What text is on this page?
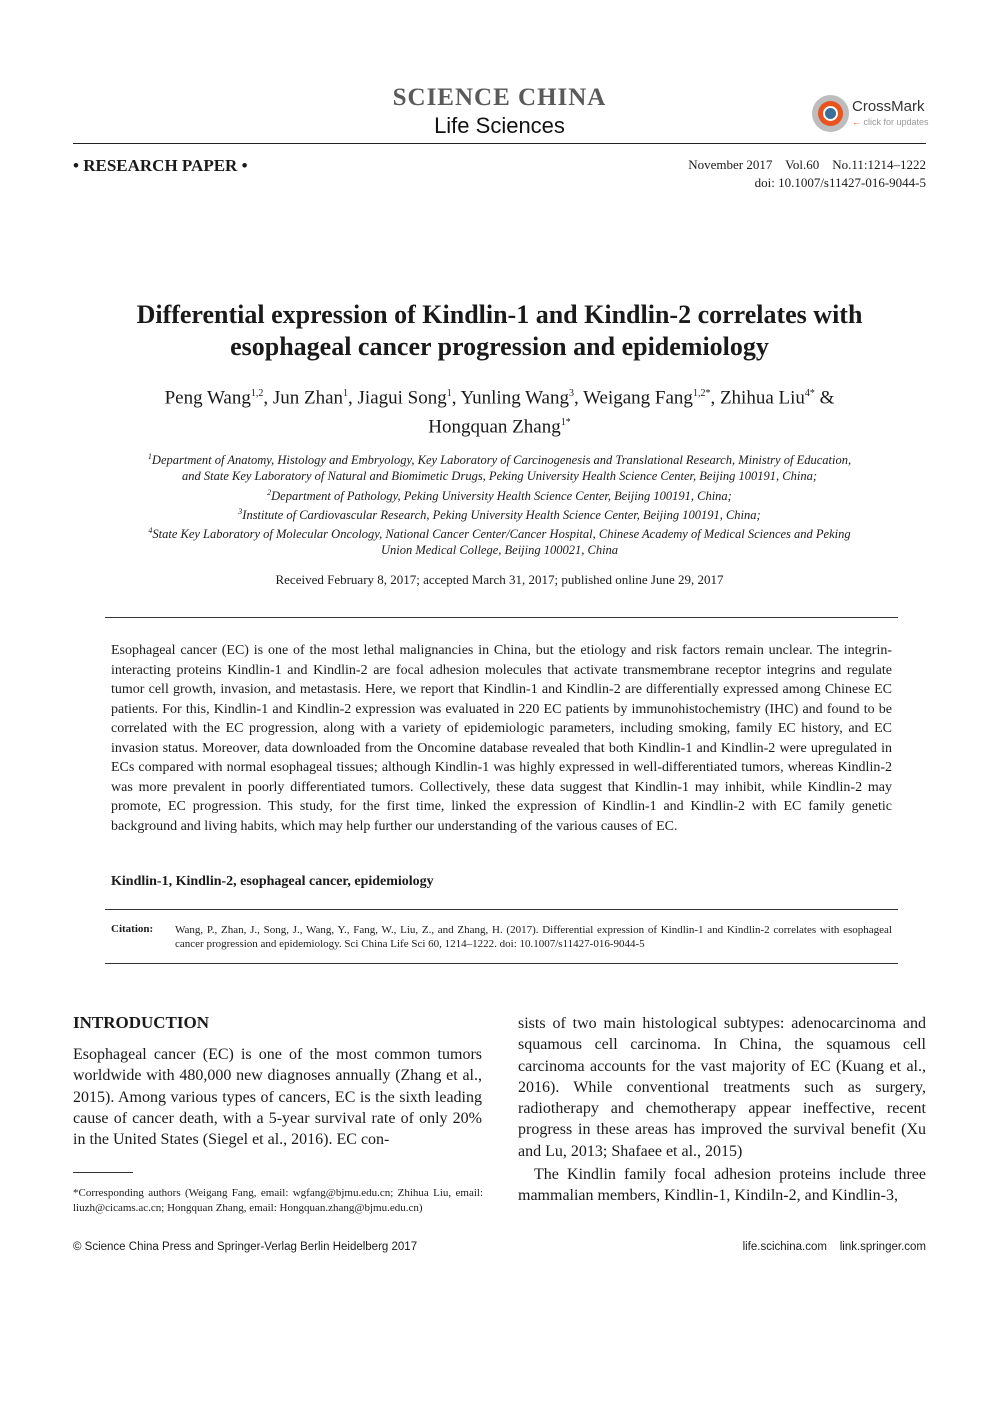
SCIENCE CHINA
Life Sciences
CrossMark
← click for updates
• RESEARCH PAPER •	November 2017    Vol.60    No.11:1214–1222
doi: 10.1007/s11427-016-9044-5
Differential expression of Kindlin-1 and Kindlin-2 correlates with
esophageal cancer progression and epidemiology
Peng Wang$^{1,2}$, Jun Zhan$^1$, Jiagui Song$^1$, Yunling Wang$^3$, Weigang Fang$^{1,2*}$, Zhihua Liu$^{4*}$ &
Hongquan Zhang$^{1*}$
$^1$Department of Anatomy, Histology and Embryology, Key Laboratory of Carcinogenesis and Translational Research, Ministry of Education,
and State Key Laboratory of Natural and Biomimetic Drugs, Peking University Health Science Center, Beijing 100191, China;
$^2$Department of Pathology, Peking University Health Science Center, Beijing 100191, China;
$^3$Institute of Cardiovascular Research, Peking University Health Science Center, Beijing 100191, China;
$^4$State Key Laboratory of Molecular Oncology, National Cancer Center/Cancer Hospital, Chinese Academy of Medical Sciences and Peking
Union Medical College, Beijing 100021, China
Received February 8, 2017; accepted March 31, 2017; published online June 29, 2017
Esophageal cancer (EC) is one of the most lethal malignancies in China, but the etiology and risk factors remain unclear. The integrin-interacting proteins Kindlin-1 and Kindlin-2 are focal adhesion molecules that activate transmembrane receptor integrins and regulate tumor cell growth, invasion, and metastasis. Here, we report that Kindlin-1 and Kindlin-2 are differentially expressed among Chinese EC patients. For this, Kindlin-1 and Kindlin-2 expression was evaluated in 220 EC patients by immunohistochemistry (IHC) and found to be correlated with the EC progression, along with a variety of epidemiologic parameters, including smoking, family EC history, and EC invasion status. Moreover, data downloaded from the Oncomine database revealed that both Kindlin-1 and Kindlin-2 were upregulated in ECs compared with normal esophageal tissues; although Kindlin-1 was highly expressed in well-differentiated tumors, whereas Kindlin-2 was more prevalent in poorly differentiated tumors. Collectively, these data suggest that Kindlin-1 may inhibit, while Kindlin-2 may promote, EC progression. This study, for the first time, linked the expression of Kindlin-1 and Kindlin-2 with EC family genetic background and living habits, which may help further our understanding of the various causes of EC.
Kindlin-1, Kindlin-2, esophageal cancer, epidemiology
Citation: Wang, P., Zhan, J., Song, J., Wang, Y., Fang, W., Liu, Z., and Zhang, H. (2017). Differential expression of Kindlin-1 and Kindlin-2 correlates with esophageal cancer progression and epidemiology. Sci China Life Sci 60, 1214–1222. doi: 10.1007/s11427-016-9044-5
INTRODUCTION
Esophageal cancer (EC) is one of the most common tumors worldwide with 480,000 new diagnoses annually (Zhang et al., 2015). Among various types of cancers, EC is the sixth leading cause of cancer death, with a 5-year survival rate of only 20% in the United States (Siegel et al., 2016). EC con-
sists of two main histological subtypes: adenocarcinoma and squamous cell carcinoma. In China, the squamous cell carcinoma accounts for the vast majority of EC (Kuang et al., 2016). While conventional treatments such as surgery, radiotherapy and chemotherapy appear ineffective, recent progress in these areas has improved the survival benefit (Xu and Lu, 2013; Shafaee et al., 2015)
The Kindlin family focal adhesion proteins include three mammalian members, Kindlin-1, Kindiln-2, and Kindlin-3,
*Corresponding authors (Weigang Fang, email: wgfang@bjmu.edu.cn; Zhihua Liu, email: liuzh@cicams.ac.cn; Hongquan Zhang, email: Hongquan.zhang@bjmu.edu.cn)
© Science China Press and Springer-Verlag Berlin Heidelberg 2017	life.scichina.com    link.springer.com
